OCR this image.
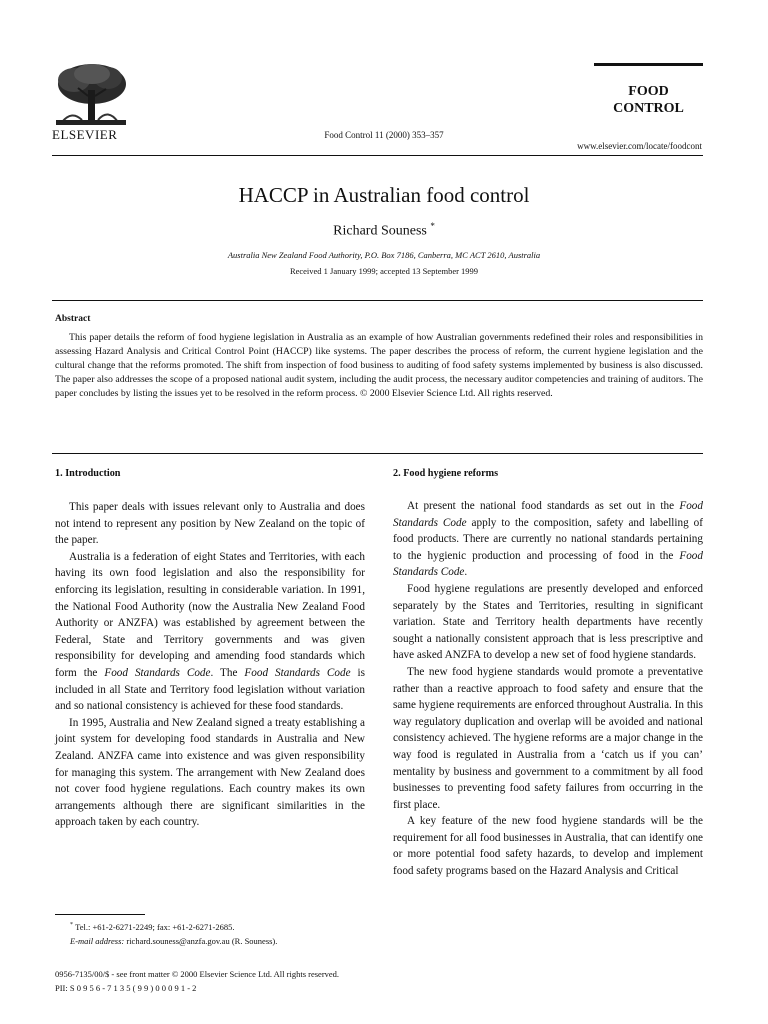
ELSEVIER	Food Control 11 (2000) 353–357
FOOD
CONTROL
www.elsevier.com/locate/foodcont
HACCP in Australian food control
Richard Souness *
Australia New Zealand Food Authority, P.O. Box 7186, Canberra, MC ACT 2610, Australia
Received 1 January 1999; accepted 13 September 1999
Abstract

This paper details the reform of food hygiene legislation in Australia as an example of how Australian governments redefined their roles and responsibilities in assessing Hazard Analysis and Critical Control Point (HACCP) like systems. The paper describes the process of reform, the current hygiene legislation and the cultural change that the reforms promoted. The shift from inspection of food business to auditing of food safety systems implemented by business is also discussed. The paper also addresses the scope of a proposed national audit system, including the audit process, the necessary auditor competencies and training of auditors. The paper concludes by listing the issues yet to be resolved in the reform process. © 2000 Elsevier Science Ltd. All rights reserved.

1. Introduction	2. Food hygiene reforms

This paper deals with issues relevant only to Australia and does not intend to represent any position by New Zealand on the topic of the paper.

Australia is a federation of eight States and Territories, with each having its own food legislation and also the responsibility for enforcing its legislation, resulting in considerable variation. In 1991, the National Food Authority (now the Australia New Zealand Food Authority or ANZFA) was established by agreement between the Federal, State and Territory governments and was given responsibility for developing and amending food standards which form the Food Standards Code. The Food Standards Code is included in all State and Territory food legislation without variation and so national consistency is achieved for these food standards.

In 1995, Australia and New Zealand signed a treaty establishing a joint system for developing food standards in Australia and New Zealand. ANZFA came into existence and was given responsibility for managing this system. The arrangement with New Zealand does not cover food hygiene regulations. Each country makes its own arrangements although there are significant similarities in the approach taken by each country.

At present the national food standards as set out in the Food Standards Code apply to the composition, safety and labelling of food products. There are currently no national standards pertaining to the hygienic production and processing of food in the Food Standards Code.

Food hygiene regulations are presently developed and enforced separately by the States and Territories, resulting in significant variation. State and Territory health departments have recently sought a nationally consistent approach that is less prescriptive and have asked ANZFA to develop a new set of food hygiene standards.

The new food hygiene standards would promote a preventative rather than a reactive approach to food safety and ensure that the same hygiene requirements are enforced throughout Australia. In this way regulatory duplication and overlap will be avoided and national consistency achieved. The hygiene reforms are a major change in the way food is regulated in Australia from a ‘catch us if you can’ mentality by business and government to a commitment by all food businesses to preventing food safety failures from occurring in the first place.

A key feature of the new food hygiene standards will be the requirement for all food businesses in Australia, that can identify one or more potential food safety hazards, to develop and implement food safety programs based on the Hazard Analysis and Critical

* Tel.: +61-2-6271-2249; fax: +61-2-6271-2685.
E-mail address: richard.souness@anzfa.gov.au (R. Souness).
0956-7135/00/$ - see front matter © 2000 Elsevier Science Ltd. All rights reserved.
PII: S 0 9 5 6 - 7 1 3 5 ( 9 9 ) 0 0 0 9 1 - 2
